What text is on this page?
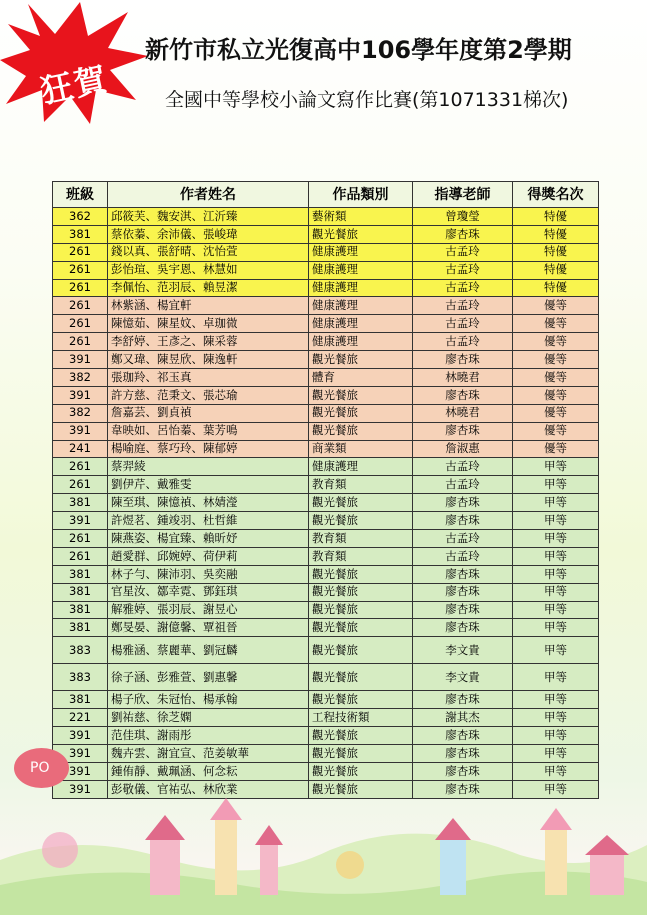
狂賀
新竹市私立光復高中106學年度第2學期
全國中等學校小論文寫作比賽(第1071331梯次)
班級	作者姓名	作品類別	指導老師	得獎名次
362	邱筱芙、魏安淇、江沂臻	藝術類	曾瓊瑩	特優
381	蔡依蓁、余沛儀、張峻瑋	觀光餐旅	廖杏珠	特優
261	錢以真、張舒晴、沈怡萱	健康護理	古孟玲	特優
261	彭怡瑄、吳宇恩、林慧如	健康護理	古孟玲	特優
261	李佩怡、范羽辰、賴昱潔	健康護理	古孟玲	特優
261	林紫涵、楊宜軒	健康護理	古孟玲	優等
261	陳憶茹、陳星妏、卓珈微	健康護理	古孟玲	優等
261	李舒婷、王彥之、陳采蓉	健康護理	古孟玲	優等
391	鄭又瑋、陳昱欣、陳逸軒	觀光餐旅	廖杏珠	優等
382	張珈羚、祁玉真	體育	林曉君	優等
391	許方慈、范秉文、張芯瑜	觀光餐旅	廖杏珠	優等
382	詹嘉芸、劉貞禎	觀光餐旅	林曉君	優等
391	韋映如、呂怡蓁、葉芳鳴	觀光餐旅	廖杏珠	優等
241	楊喻庭、蔡巧玲、陳郁婷	商業類	詹淑惠	優等
261	蔡羿綾	健康護理	古孟玲	甲等
261	劉伊芹、戴雅雯	教育類	古孟玲	甲等
381	陳至琪、陳憶禎、林婧瀅	觀光餐旅	廖杏珠	甲等
391	許煜茗、鍾竣羽、杜哲維	觀光餐旅	廖杏珠	甲等
261	陳燕姿、楊宜臻、賴昕妤	教育類	古孟玲	甲等
261	趙愛群、邱婉婷、荷伊莉	教育類	古孟玲	甲等
381	林子勻、陳沛羽、吳奕融	觀光餐旅	廖杏珠	甲等
381	官星汝、鄒幸霓、鄧鈺琪	觀光餐旅	廖杏珠	甲等
381	解雅婷、張羽辰、謝昱心	觀光餐旅	廖杏珠	甲等
381	鄭旻晏、謝億馨、覃祖晉	觀光餐旅	廖杏珠	甲等
383	楊雅涵、蔡麗華、劉冠麟	觀光餐旅	李文貴	甲等
383	徐子涵、彭雅萱、劉惠馨	觀光餐旅	李文貴	甲等
381	楊子欣、朱冠怡、楊承翰	觀光餐旅	廖杏珠	甲等
221	劉祐慈、徐芝嫻	工程技術類	謝其杰	甲等
391	范佳琪、謝雨彤	觀光餐旅	廖杏珠	甲等
391	魏卉雲、謝宜宣、范姜敏華	觀光餐旅	廖杏珠	甲等
391	鍾侑靜、戴珮涵、何念耘	觀光餐旅	廖杏珠	甲等
391	彭敬儀、官祐弘、林欣業	觀光餐旅	廖杏珠	甲等
PO
